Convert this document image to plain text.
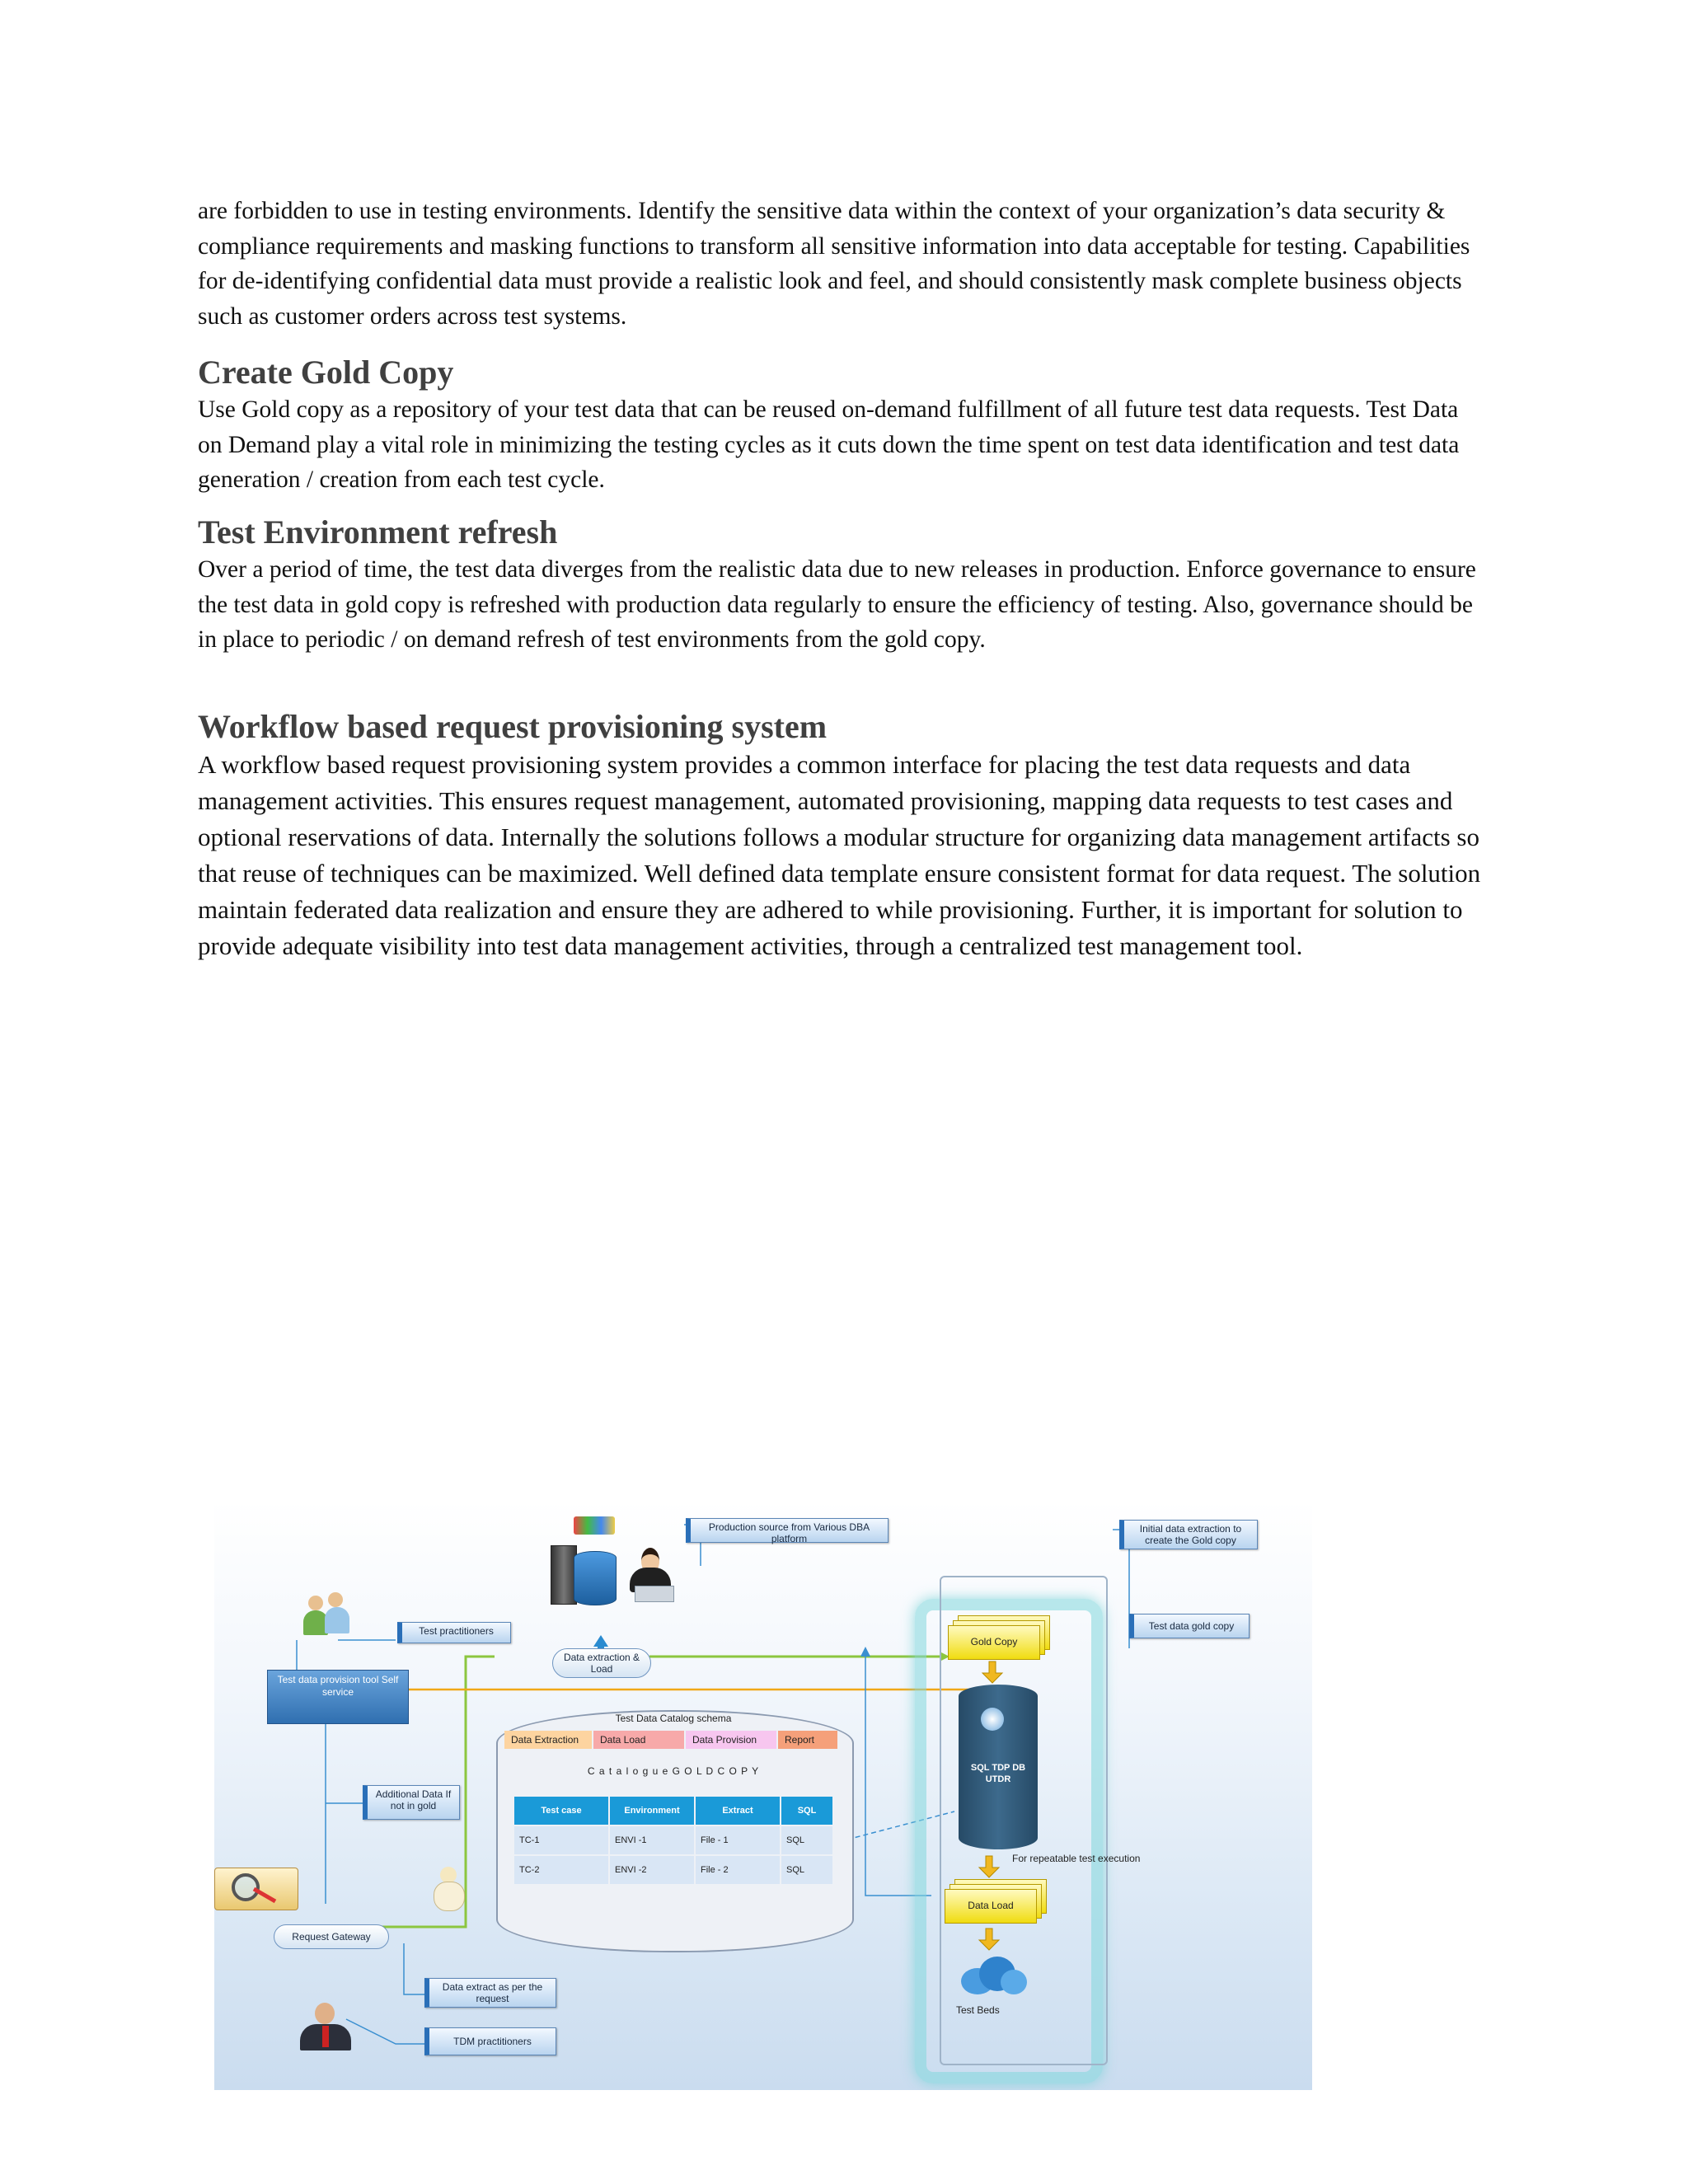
are forbidden to use in testing environments. Identify the sensitive data within the context of your organization’s data security & compliance requirements and masking functions to transform all sensitive information into data acceptable for testing. Capabilities for de-identifying confidential data must provide a realistic look and feel, and should consistently mask complete business objects such as customer orders across test systems.

Create Gold Copy

Use Gold copy as a repository of your test data that can be reused on-demand fulfillment of all future test data requests. Test Data on Demand play a vital role in minimizing the testing cycles as it cuts down the time spent on test data identification and test data generation / creation from each test cycle.

Test Environment refresh

Over a period of time, the test data diverges from the realistic data due to new releases in production. Enforce governance to ensure the test data in gold copy is refreshed with production data regularly to ensure the efficiency of testing. Also, governance should be in place to periodic / on demand refresh of test environments from the gold copy.

Workflow based request provisioning system

A workflow based request provisioning system provides a common interface for placing the test data requests and data management activities. This ensures request management, automated provisioning, mapping data requests to test cases and optional reservations of data. Internally the solutions follows a modular structure for organizing data management artifacts so that reuse of techniques can be maximized. Well defined data template ensure consistent format for data request. The solution maintain federated data realization and ensure they are adhered to while provisioning. Further, it is important for solution to provide adequate visibility into test data management activities, through a centralized test management tool.

Production source from Various DBA platform
Test practitioners
Data extraction & Load
Test data provision tool Self service
Additional Data If not in gold
Request Gateway
Data extract as per the request
TDM practitioners
Initial data extraction to create the Gold copy
Test data gold copy
Test Data Catalog schema
Data Extraction	Data Load	Data Provision	Report
C a t a l o g u e G O L D C O P Y
Test case	Environment	Extract	SQL
TC-1	ENVI -1	File - 1	SQL
TC-2	ENVI -2	File - 2	SQL
Gold Copy
SQL TDP DB UTDR
For repeatable test execution
Data Load
Test Beds
